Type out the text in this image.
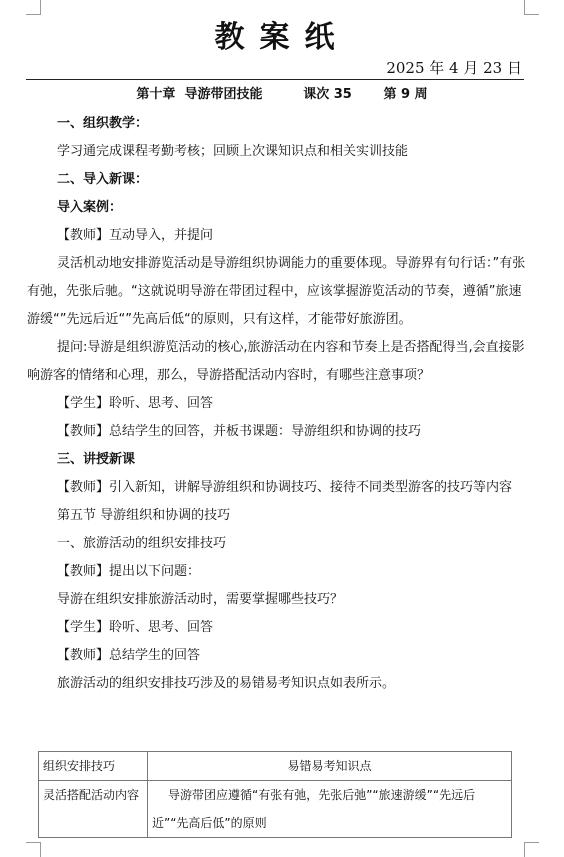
教案纸
2025 年 4 月 23 日
第十章  导游带团技能         课次 35       第 9 周

一、组织教学：

学习通完成课程考勤考核；回顾上次课知识点和相关实训技能

二、导入新课：

导入案例：

【教师】互动导入，并提问

灵活机动地安排游览活动是导游组织协调能力的重要体现。导游界有句行话：”有张有弛，先张后驰。“这就说明导游在带团过程中，应该掌握游览活动的节奏，遵循”旅速游缓“”先远后近“”先高后低“的原则，只有这样，才能带好旅游团。

提问:导游是组织游览活动的核心,旅游活动在内容和节奏上是否搭配得当,会直接影响游客的情绪和心理，那么，导游搭配活动内容时，有哪些注意事项？

【学生】聆听、思考、回答

【教师】总结学生的回答，并板书课题：导游组织和协调的技巧

三、讲授新课

【教师】引入新知，讲解导游组织和协调技巧、接待不同类型游客的技巧等内容

第五节 导游组织和协调的技巧

一、旅游活动的组织安排技巧

【教师】提出以下问题：

导游在组织安排旅游活动时，需要掌握哪些技巧？

【学生】聆听、思考、回答

【教师】总结学生的回答

旅游活动的组织安排技巧涉及的易错易考知识点如表所示。

组织安排技巧	易错易考知识点
灵活搭配活动内容	导游带团应遵循“有张有弛，先张后弛”“旅速游缓”“先远后近”“先高后低”的原则
